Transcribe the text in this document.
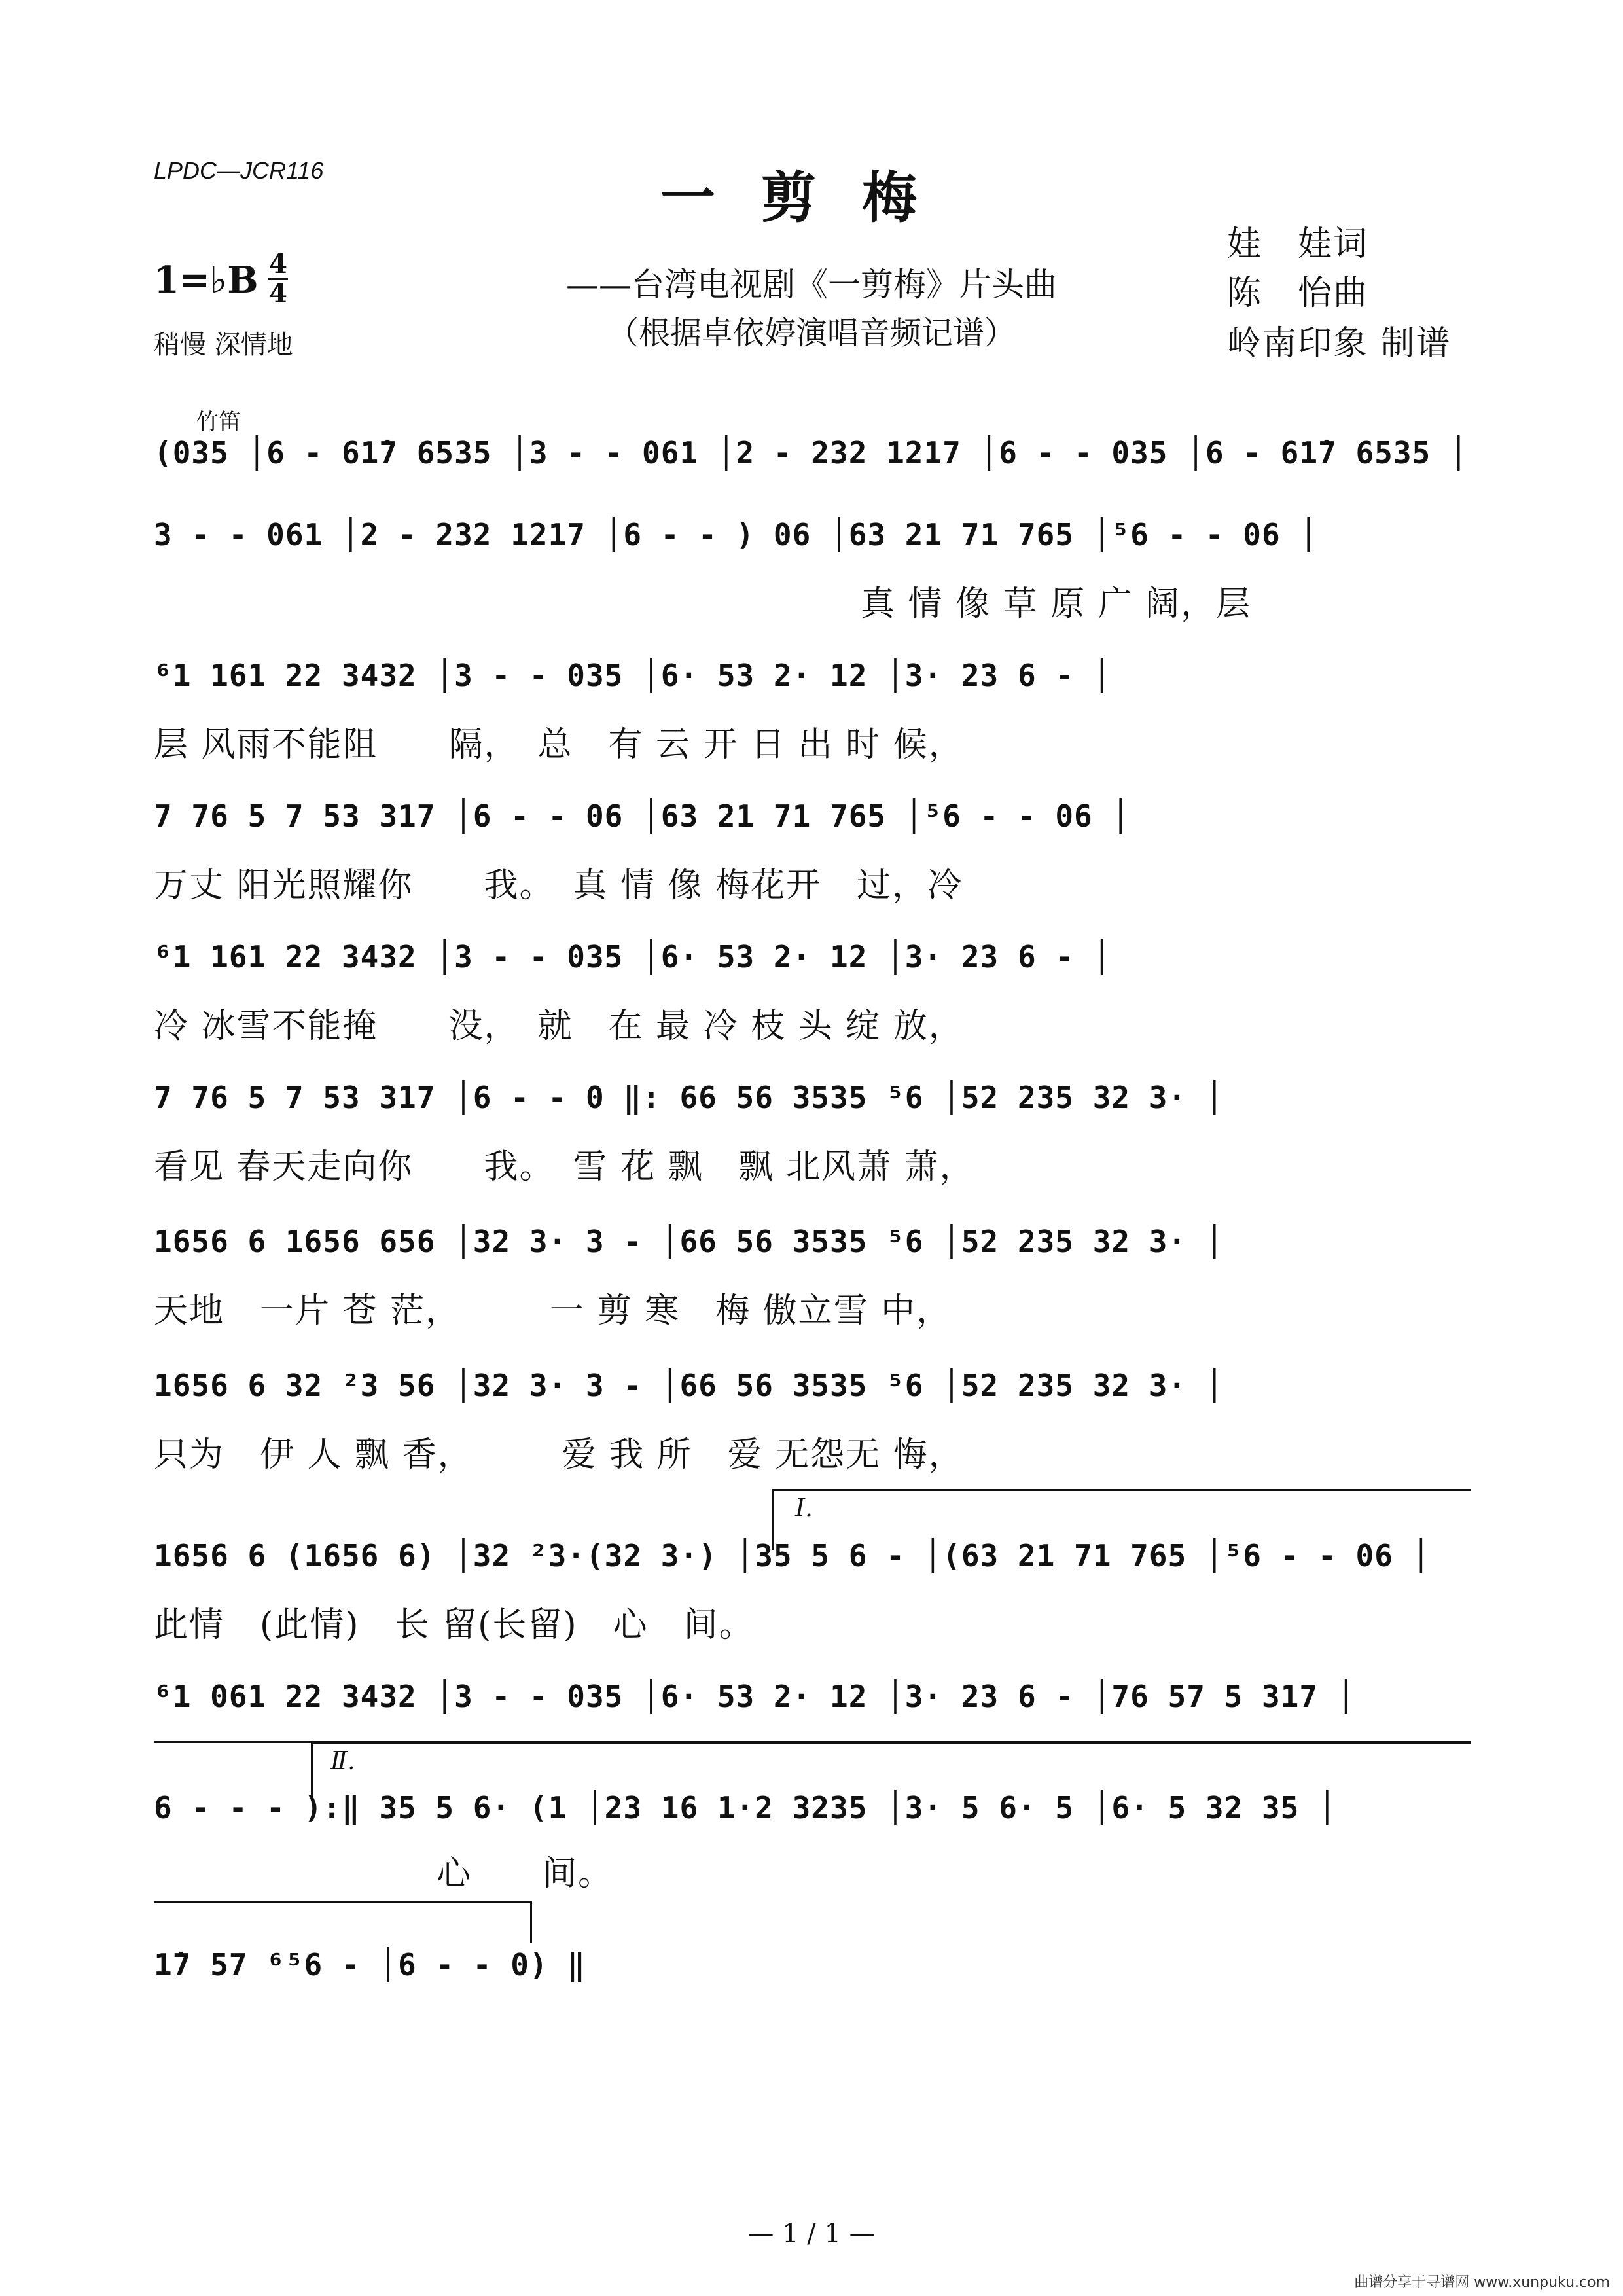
LPDC—JCR116	一剪梅
1=♭B 4
4
稍慢 深情地
——台湾电视剧《一剪梅》片头曲
（根据卓依婷演唱音频记谱）
娃　娃词
陈　怡曲
岭南印象 制谱
竹笛
(035 │6 - 61̇7 6535 │3 - - 061 │2 - 232 1217 │6 - - 035 │6 - 61̇7 6535 │
3 - - 061 │2 - 232 1217 │6 - - ) 06 │63 21 71 765 │⁵6 - - 06 │
　　　　　　　　　　　　　　　　　　　　真 情 像 草 原 广 阔，层
⁶1 161 22 3432 │3 - - 035 │6· 53 2· 12 │3· 23 6 - │
层 风雨不能阻　　隔，　总　有 云 开 日 出 时 候，
7 76 5 7 53 317 │6 - - 06 │63 21 71 765 │⁵6 - - 06 │
万丈 阳光照耀你　　我。　真 情 像 梅花开　过，冷
⁶1 161 22 3432 │3 - - 035 │6· 53 2· 12 │3· 23 6 - │
冷 冰雪不能掩　　没，　就　在 最 冷 枝 头 绽 放，
7 76 5 7 53 317 │6 - - 0 ‖: 66 56 3535 ⁵6 │52 235 32 3· │
看见 春天走向你　　我。　雪 花 飘　飘 北风萧 萧，
1656 6 1656 656 │32 3· 3 - │66 56 3535 ⁵6 │52 235 32 3· │
天地　一片 苍 茫，　　　一 剪 寒　梅 傲立雪 中，
1656 6 32 ²3 56 │32 3· 3 - │66 56 3535 ⁵6 │52 235 32 3· │
只为　伊 人 飘 香，　　　爱 我 所　爱 无怨无 悔，
Ⅰ.
1656 6 (1656 6) │32 ²3·(32 3·) │35 5 6 - │(63 21 71 765 │⁵6 - - 06 │
此情　(此情)　长 留(长留)　心　间。
⁶1 061 22 3432 │3 - - 035 │6· 53 2· 12 │3· 23 6 - │76 57 5 317 │
Ⅱ.
6 - - - ):‖ 35 5 6· (1 │23 16 1·2 3235 │3· 5 6· 5 │6· 5 32 35 │
　　　　　　　　心　　间。
1̇7 57 ⁶⁵6 - │6 - - 0) ‖
— 1 / 1 —
曲谱分享于寻谱网 www.xunpuku.com
